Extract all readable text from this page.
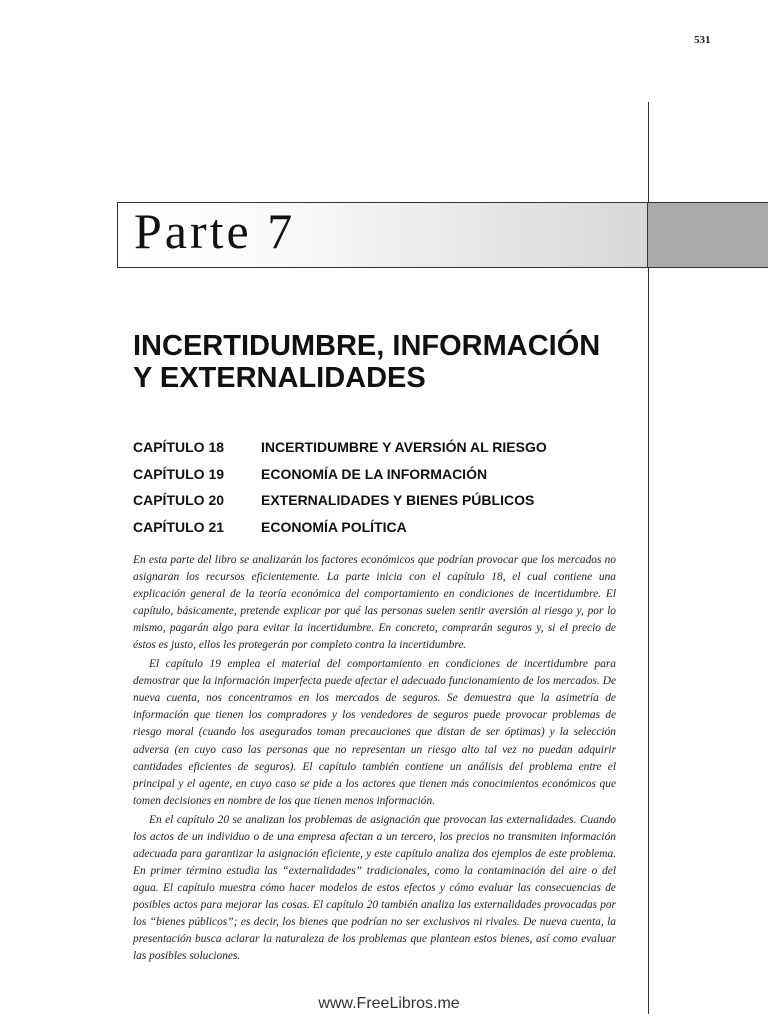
531
Parte 7
INCERTIDUMBRE, INFORMACIÓN
Y EXTERNALIDADES
CAPÍTULO 18	INCERTIDUMBRE Y AVERSIÓN AL RIESGO
CAPÍTULO 19	ECONOMÍA DE LA INFORMACIÓN
CAPÍTULO 20	EXTERNALIDADES Y BIENES PÚBLICOS
CAPÍTULO 21	ECONOMÍA POLÍTICA

En esta parte del libro se analizarán los factores económicos que podrían provocar que los mercados no asignaran los recursos eficientemente. La parte inicia con el capítulo 18, el cual contiene una explicación general de la teoría económica del comportamiento en condiciones de incertidumbre. El capítulo, básicamente, pretende explicar por qué las personas suelen sentir aversión al riesgo y, por lo mismo, pagarán algo para evitar la incertidumbre. En concreto, comprarán seguros y, si el precio de éstos es justo, ellos les protegerán por completo contra la incertidumbre.

El capítulo 19 emplea el material del comportamiento en condiciones de incertidumbre para demostrar que la información imperfecta puede afectar el adecuado funcionamiento de los mercados. De nueva cuenta, nos concentramos en los mercados de seguros. Se demuestra que la asimetría de información que tienen los compradores y los vendedores de seguros puede provocar problemas de riesgo moral (cuando los asegurados toman precauciones que distan de ser óptimas) y la selección adversa (en cuyo caso las personas que no representan un riesgo alto tal vez no puedan adquirir cantidades eficientes de seguros). El capítulo también contiene un análisis del problema entre el principal y el agente, en cuyo caso se pide a los actores que tienen más conocimientos económicos que tomen decisiones en nombre de los que tienen menos información.

En el capítulo 20 se analizan los problemas de asignación que provocan las externalidades. Cuando los actos de un individuo o de una empresa afectan a un tercero, los precios no transmiten información adecuada para garantizar la asignación eficiente, y este capítulo analiza dos ejemplos de este problema. En primer término estudia las “externalidades” tradicionales, como la contaminación del aire o del agua. El capítulo muestra cómo hacer modelos de estos efectos y cómo evaluar las consecuencias de posibles actos para mejorar las cosas. El capítulo 20 también analiza las externalidades provocadas por los “bienes públicos”; es decir, los bienes que podrían no ser exclusivos ni rivales. De nueva cuenta, la presentación busca aclarar la naturaleza de los problemas que plantean estos bienes, así como evaluar las posibles soluciones.

www.FreeLibros.me
